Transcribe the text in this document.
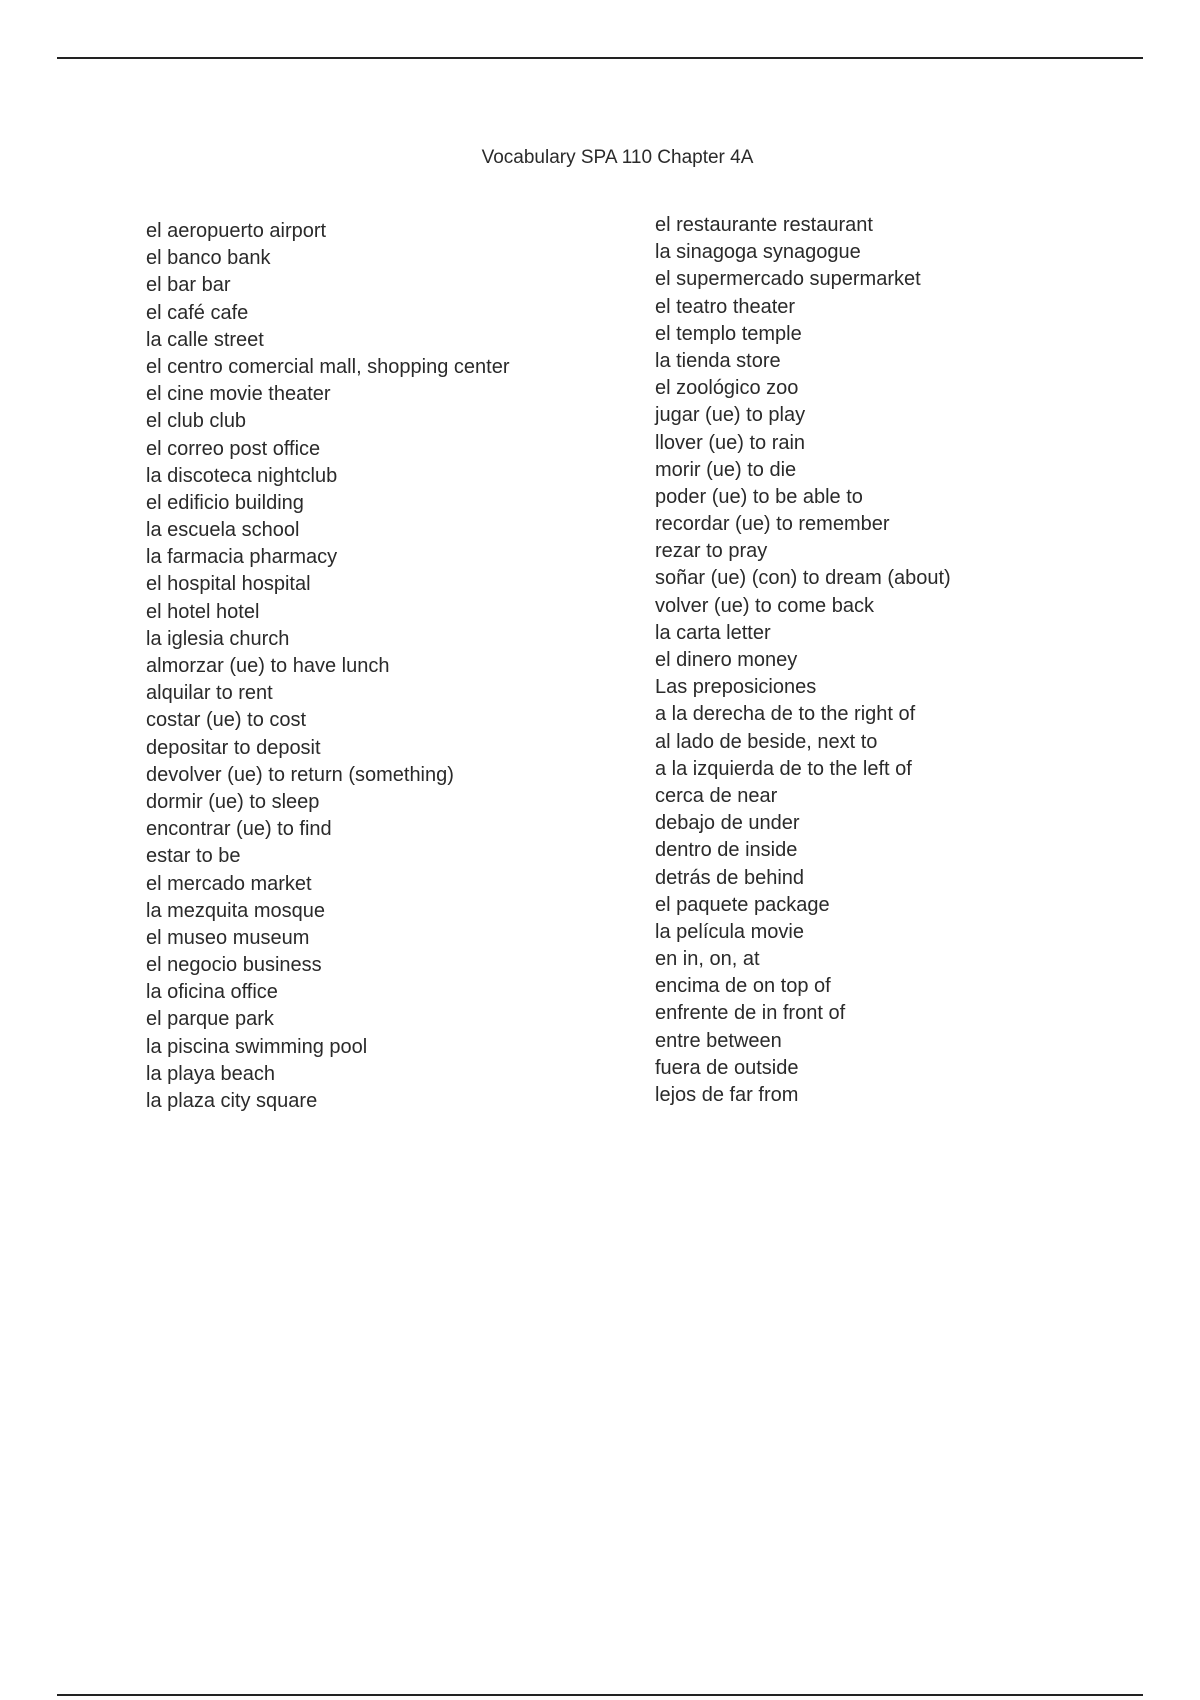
Vocabulary SPA 110 Chapter 4A
el aeropuerto airport
el banco bank
el bar bar
el café cafe
la calle street
el centro comercial mall, shopping center
el cine movie theater
el club club
el correo post office
la discoteca nightclub
el edificio building
la escuela school
la farmacia pharmacy
el hospital hospital
el hotel hotel
la iglesia church
almorzar (ue) to have lunch
alquilar to rent
costar (ue) to cost
depositar to deposit
devolver (ue) to return (something)
dormir (ue) to sleep
encontrar (ue) to find
estar to be
el mercado market
la mezquita mosque
el museo museum
el negocio business
la oficina office
el parque park
la piscina swimming pool
la playa beach
la plaza city square
el restaurante restaurant
la sinagoga synagogue
el supermercado supermarket
el teatro theater
el templo temple
la tienda store
el zoológico zoo
jugar (ue) to play
llover (ue) to rain
morir (ue) to die
poder (ue) to be able to
recordar (ue) to remember
rezar to pray
soñar (ue) (con) to dream (about)
volver (ue) to come back
la carta letter
el dinero money
Las preposiciones
a la derecha de to the right of
al lado de beside, next to
a la izquierda de to the left of
cerca de near
debajo de under
dentro de inside
detrás de behind
el paquete package
la película movie
en in, on, at
encima de on top of
enfrente de in front of
entre between
fuera de outside
lejos de far from
